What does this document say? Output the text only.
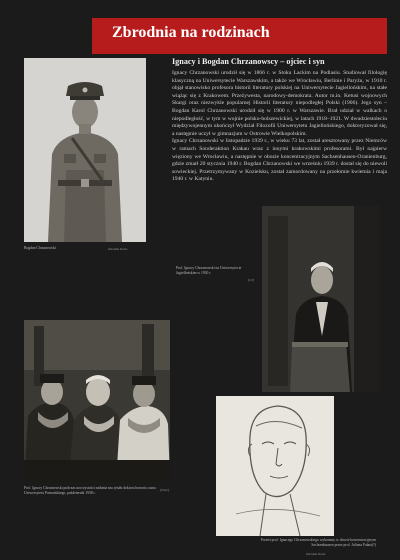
Zbrodnia na rodzinach
Ignacy i Bogdan Chrzanowscy – ojciec i syn

Ignacy Chrzanowski urodził się w 1866 r. w Stoku Lackim na Podlasiu. Studiował filologię klasyczną na Uniwersytecie Warszawskim, a także we Wrocławiu, Berlinie i Paryżu, w 1910 r. objął stanowisko profesora historii literatury polskiej na Uniwersytecie Jagiellońskim, na stałe wiążąc się z Krakowem. Przeżywesta, narodowy-demokrata. Autor m.in. Ketusi wojnowych Skargi oraz niezwykle popularnej Historii literatury niepodległej Polski (1906). Jego syn – Bogdan Karol Chrzanowski urodził się w 1900 r. w Warszawie. Brał udział w walkach o niepodległość, w tym w wojnie polsko-bolszewickiej, w latach 1918–1921. W dwudziestoleciu międzywojennym ukończył Wydział Filozofii Uniwersytetu Jagiellońskiego, doktoryzował się, a następnie uczył w gimnazjum w Ostrowie Wielkopolskim.

Ignacy Chrzanowski w listopadzie 1939 r., w wieku 73 lat, został aresztowany przez Niemców w ramach Sonderaktion Krakau wraz z innymi krakowskimi profesorami. Był najpierw więziony we Wrocławiu, a następnie w obozie koncentracyjnym Sachsenhausen-Oranienburg, gdzie zmarł 20 stycznia 1940 r. Bogdan Chrzanowski we wrześniu 1939 r. dostał się do niewoli sowieckiej. Przetrzymywany w Kozielsku, został zamordowany na przełomie kwietnia i maja 1940 r. w Katyniu.

Bogdan Chrzanowski	Ośrodek Karta
Prof. Ignacy Chrzanowski na Uniwersytecie Jagiellońskim w 1930 r.
(UJ)
Prof. Ignacy Chrzanowski podczas uroczystości nadania mu tytułu doktora honoris causa Uniwersytetu Poznańskiego, październik 1938 r.
(NAC)
Portret prof. Ignacego Chrzanowskiego wykonany w obozie koncentracyjnym Sachsenhausen przez prof. Juliana Fałata(?)
Ośrodek Karta
